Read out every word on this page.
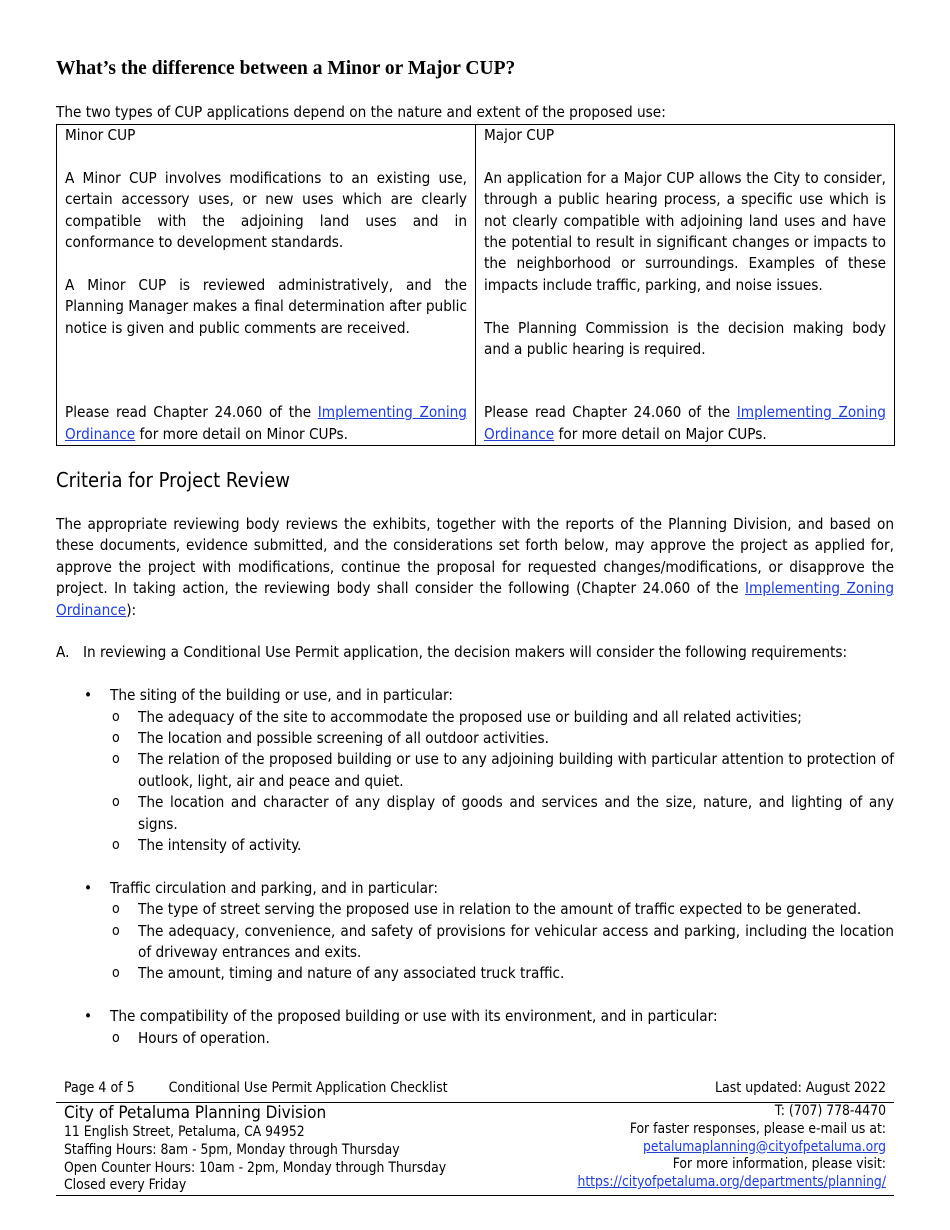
What’s the difference between a Minor or Major CUP?

The two types of CUP applications depend on the nature and extent of the proposed use:

Minor CUP

A Minor CUP involves modifications to an existing use, certain accessory uses, or new uses which are clearly compatible with the adjoining land uses and in conformance to development standards.

A Minor CUP is reviewed administratively, and the Planning Manager makes a final determination after public notice is given and public comments are received.

Please read Chapter 24.060 of the Implementing Zoning Ordinance for more detail on Minor CUPs.

Major CUP

An application for a Major CUP allows the City to consider, through a public hearing process, a specific use which is not clearly compatible with adjoining land uses and have the potential to result in significant changes or impacts to the neighborhood or surroundings. Examples of these impacts include traffic, parking, and noise issues.

The Planning Commission is the decision making body and a public hearing is required.

Please read Chapter 24.060 of the Implementing Zoning Ordinance for more detail on Major CUPs.

Criteria for Project Review

The appropriate reviewing body reviews the exhibits, together with the reports of the Planning Division, and based on these documents, evidence submitted, and the considerations set forth below, may approve the project as applied for, approve the project with modifications, continue the proposal for requested changes/modifications, or disapprove the project. In taking action, the reviewing body shall consider the following (Chapter 24.060 of the Implementing Zoning Ordinance):

A. In reviewing a Conditional Use Permit application, the decision makers will consider the following requirements:
• The siting of the building or use, and in particular:
o The adequacy of the site to accommodate the proposed use or building and all related activities;
o The location and possible screening of all outdoor activities.
o The relation of the proposed building or use to any adjoining building with particular attention to protection of outlook, light, air and peace and quiet.
o The location and character of any display of goods and services and the size, nature, and lighting of any signs.
o The intensity of activity.
• Traffic circulation and parking, and in particular:
o The type of street serving the proposed use in relation to the amount of traffic expected to be generated.
o The adequacy, convenience, and safety of provisions for vehicular access and parking, including the location of driveway entrances and exits.
o The amount, timing and nature of any associated truck traffic.
• The compatibility of the proposed building or use with its environment, and in particular:
o Hours of operation.
Page 4 of 5 Conditional Use Permit Application Checklist	Last updated: August 2022
City of Petaluma Planning Division
11 English Street, Petaluma, CA 94952
Staffing Hours: 8am - 5pm, Monday through Thursday
Open Counter Hours: 10am - 2pm, Monday through Thursday
Closed every Friday
T: (707) 778-4470
For faster responses, please e-mail us at:
petalumaplanning@cityofpetaluma.org
For more information, please visit:
https://cityofpetaluma.org/departments/planning/
